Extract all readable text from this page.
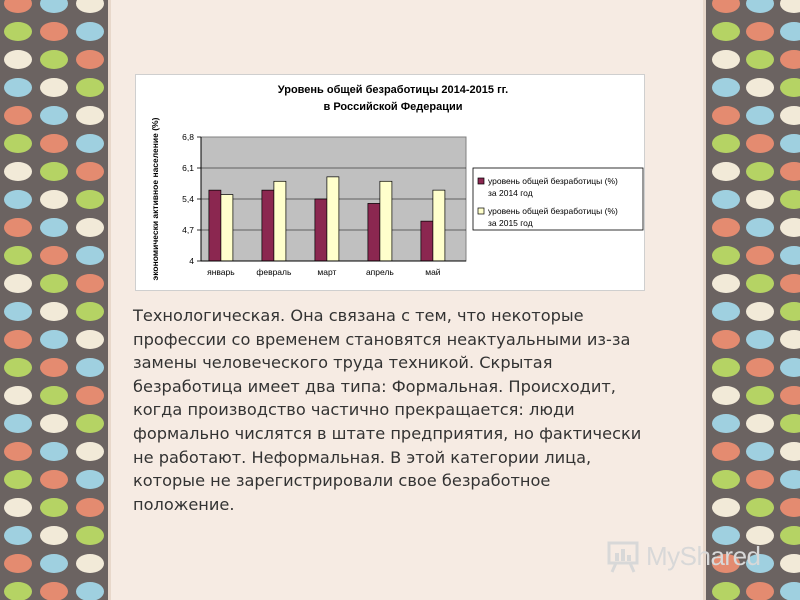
Уровень общей безработицы 2014-2015 гг.
в Российской Федерации
4
4,7
5,4
6,1
6,8
январь	февраль	март	апрель	май
экономически активное население (%)	уровень общей безработицы (%) за 2014 год
уровень общей безработицы (%) за 2015 год

Технологическая. Она связана с тем, что некоторые профессии со временем становятся неактуальными из-за замены человеческого труда техникой. Скрытая безработица имеет два типа: Формальная. Происходит, когда производство частично прекращается: люди формально числятся в штате предприятия, но фактически не работают. Неформальная. В этой категории лица, которые не зарегистрировали свое безработное положение.

MyShared
